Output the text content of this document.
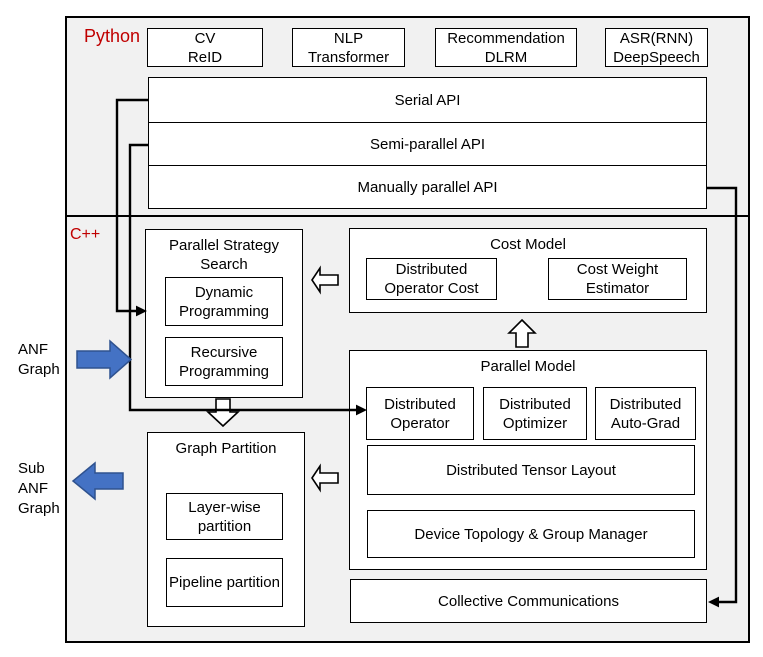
Python
C++
CV
ReID
NLP
Transformer
Recommendation
DLRM
ASR(RNN)
DeepSpeech
Serial API
Semi-parallel API
Manually parallel API
Parallel Strategy Search
Dynamic Programming
Recursive Programming
Cost Model
Distributed Operator Cost
Cost Weight Estimator
Parallel Model
Distributed Operator
Distributed Optimizer
Distributed Auto-Grad
Distributed Tensor Layout
Device Topology & Group Manager
Graph Partition
Layer-wise partition
Pipeline partition
Collective Communications
ANF Graph
Sub ANF Graph
